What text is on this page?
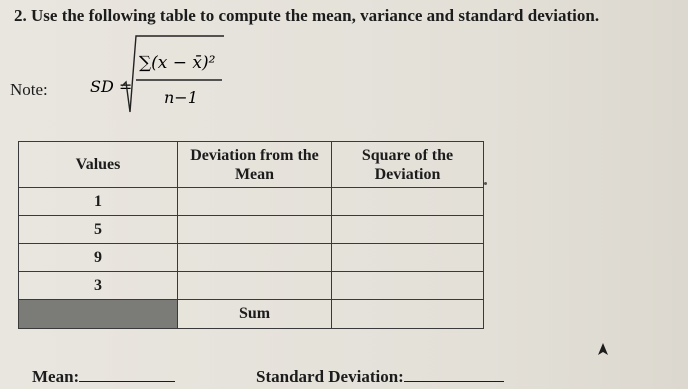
2. Use the following table to compute the mean, variance and standard deviation.
Note:	SD =
∑(x − x̄)²
n−1
Values	Deviation from the Mean	Square of the Deviation
1		
5		
9		
3		
	Sum	
Mean:	Standard Deviation:
